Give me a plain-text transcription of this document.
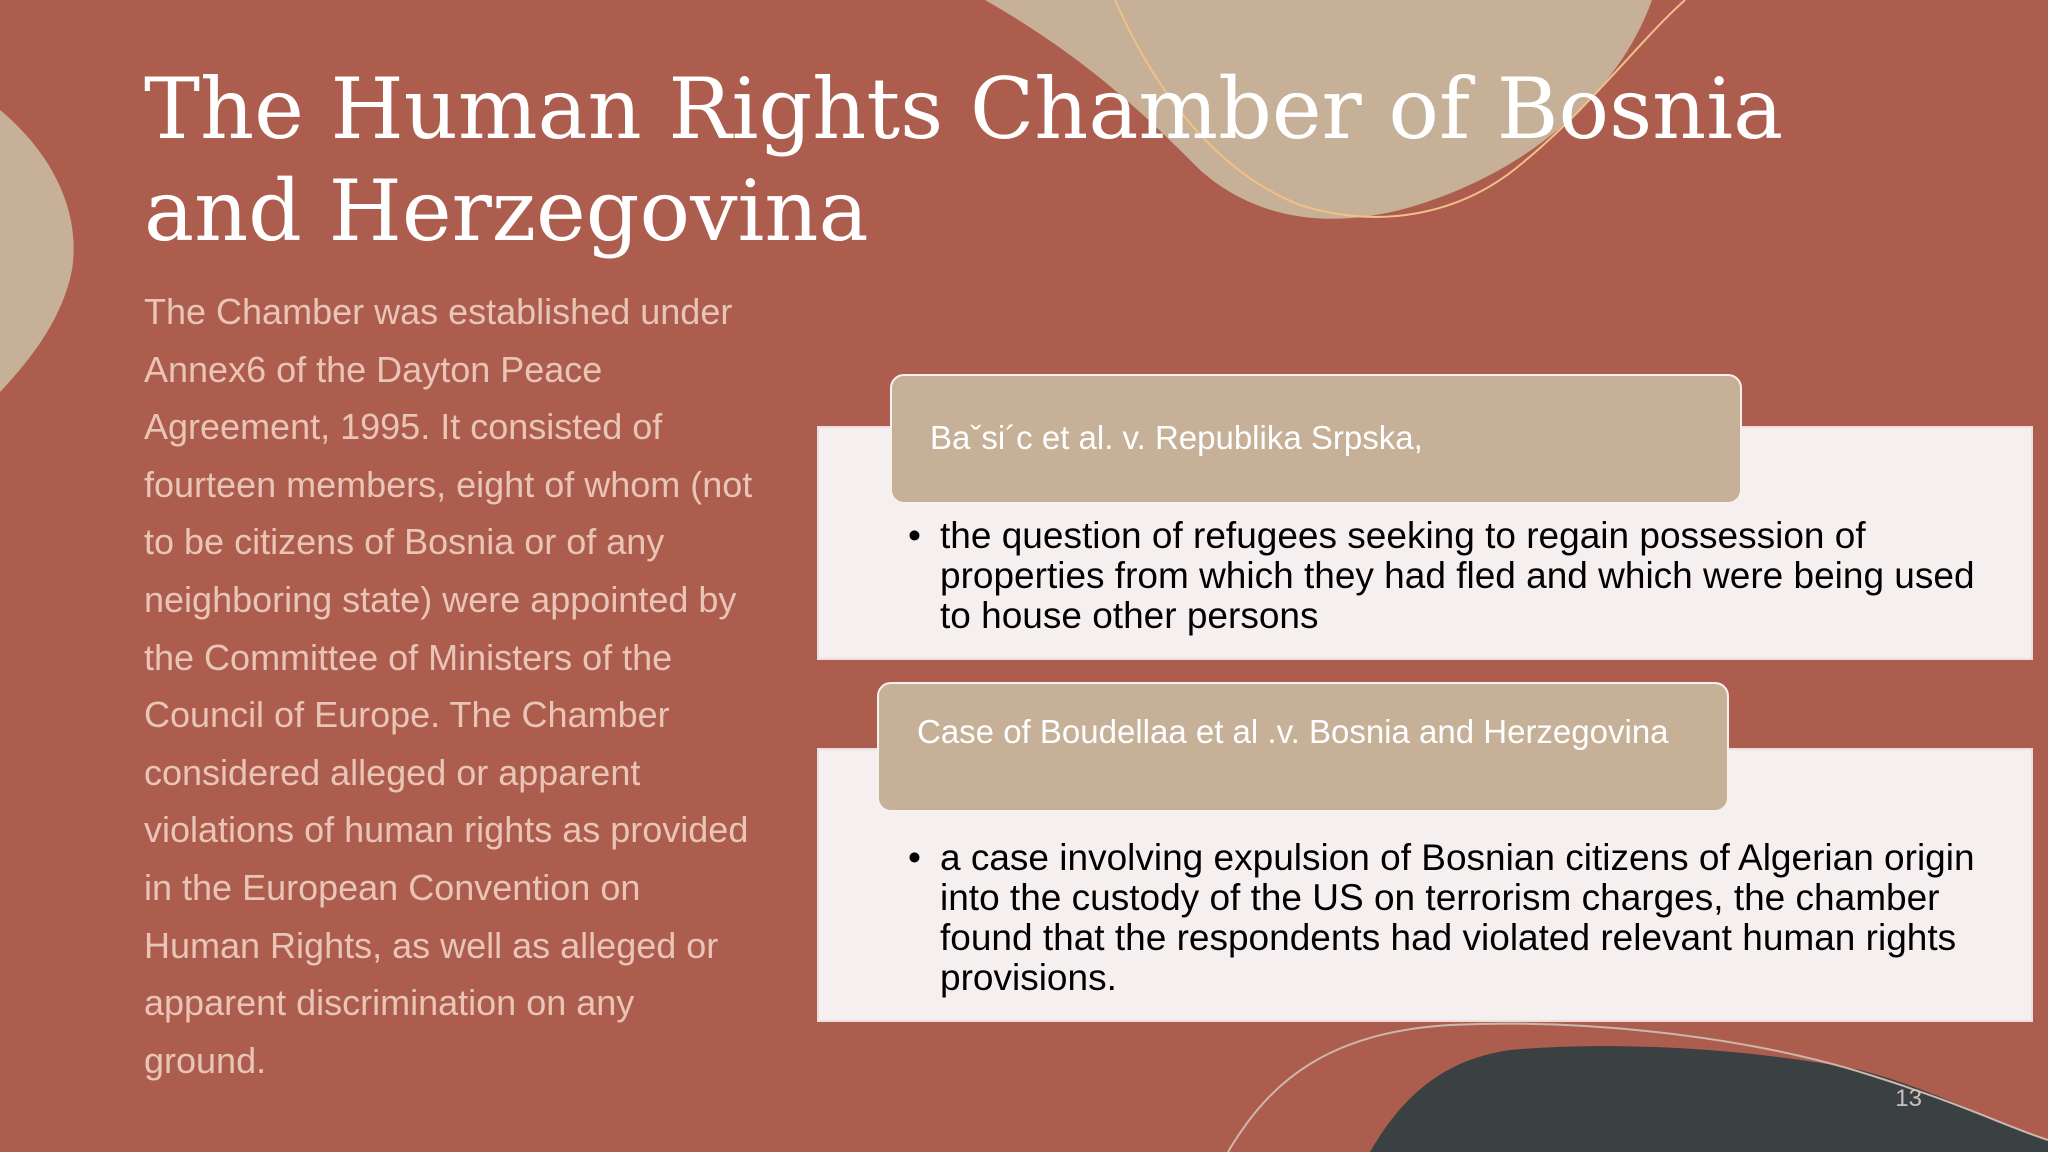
The Human Rights Chamber of Bosnia and Herzegovina

The Chamber was established under Annex6 of the Dayton Peace Agreement, 1995. It consisted of fourteen members, eight of whom (not to be citizens of Bosnia or of any neighboring state) were appointed by the Committee of Ministers of the Council of Europe. The Chamber considered alleged or apparent violations of human rights as provided in the European Convention on Human Rights, as well as alleged or apparent discrimination on any ground.

Baˇsi´c et al. v. Republika Srpska,
• the question of refugees seeking to regain possession of properties from which they had fled and which were being used to house other persons
Case of Boudellaa et al .v. Bosnia and Herzegovina
• a case involving expulsion of Bosnian citizens of Algerian origin into the custody of the US on terrorism charges, the chamber found that the respondents had violated relevant human rights provisions.
13
